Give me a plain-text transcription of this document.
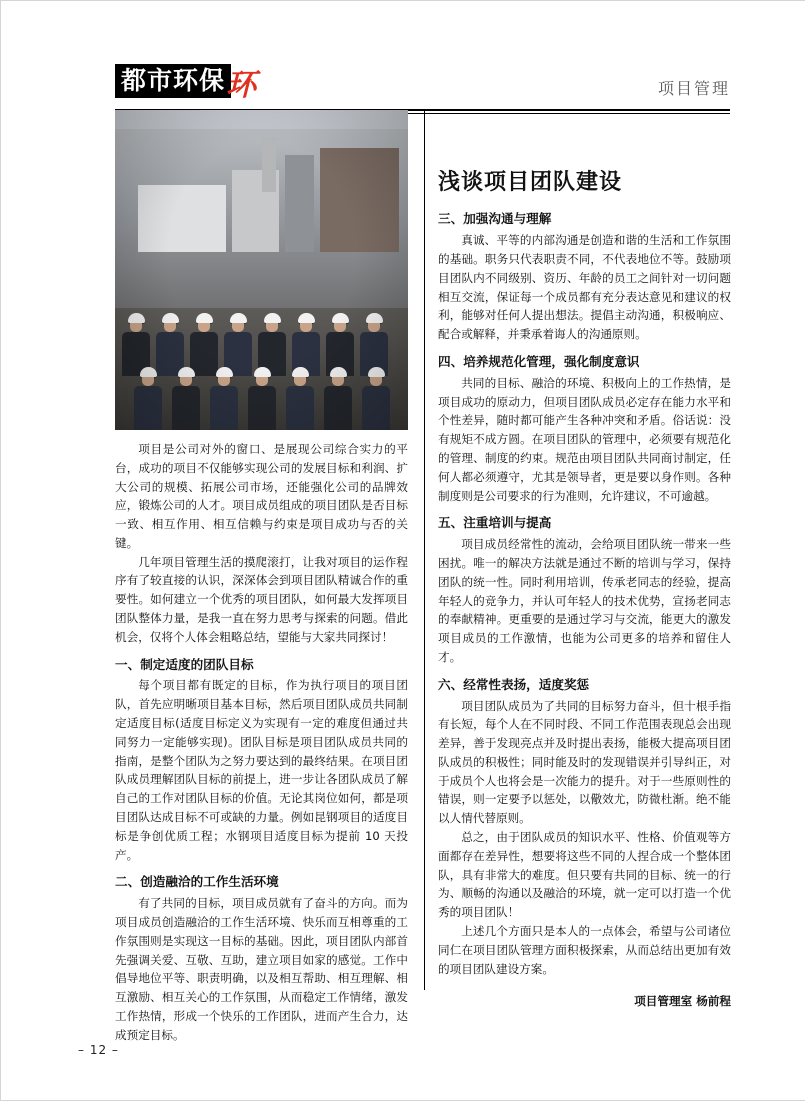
都市环保 环	项目管理

项目是公司对外的窗口、是展现公司综合实力的平台，成功的项目不仅能够实现公司的发展目标和利润、扩大公司的规模、拓展公司市场，还能强化公司的品牌效应，锻炼公司的人才。项目成员组成的项目团队是否目标一致、相互作用、相互信赖与约束是项目成功与否的关键。

几年项目管理生活的摸爬滚打，让我对项目的运作程序有了较直接的认识，深深体会到项目团队精诚合作的重要性。如何建立一个优秀的项目团队，如何最大发挥项目团队整体力量，是我一直在努力思考与探索的问题。借此机会，仅将个人体会粗略总结，望能与大家共同探讨！

一、制定适度的团队目标

每个项目都有既定的目标，作为执行项目的项目团队，首先应明晰项目基本目标，然后项目团队成员共同制定适度目标(适度目标定义为实现有一定的难度但通过共同努力一定能够实现)。团队目标是项目团队成员共同的指南，是整个团队为之努力要达到的最终结果。在项目团队成员理解团队目标的前提上，进一步让各团队成员了解自己的工作对团队目标的价值。无论其岗位如何，都是项目团队达成目标不可或缺的力量。例如昆钢项目的适度目标是争创优质工程；水钢项目适度目标为提前 10 天投产。

二、创造融洽的工作生活环境

有了共同的目标，项目成员就有了奋斗的方向。而为项目成员创造融洽的工作生活环境、快乐而互相尊重的工作氛围则是实现这一目标的基础。因此，项目团队内部首先强调关爱、互敬、互助，建立项目如家的感觉。工作中倡导地位平等、职责明确，以及相互帮助、相互理解、相互激励、相互关心的工作氛围，从而稳定工作情绪，激发工作热情，形成一个快乐的工作团队，进而产生合力，达成预定目标。

浅谈项目团队建设
三、加强沟通与理解

真诚、平等的内部沟通是创造和谐的生活和工作氛围的基础。职务只代表职责不同，不代表地位不等。鼓励项目团队内不同级别、资历、年龄的员工之间针对一切问题相互交流，保证每一个成员都有充分表达意见和建议的权利，能够对任何人提出想法。提倡主动沟通，积极响应、配合或解释，并秉承着诲人的沟通原则。

四、培养规范化管理，强化制度意识

共同的目标、融洽的环境、积极向上的工作热情，是项目成功的原动力，但项目团队成员必定存在能力水平和个性差异，随时都可能产生各种冲突和矛盾。俗话说：没有规矩不成方圆。在项目团队的管理中，必须要有规范化的管理、制度的约束。规范由项目团队共同商讨制定，任何人都必须遵守，尤其是领导者，更是要以身作则。各种制度则是公司要求的行为准则，允许建议，不可逾越。

五、注重培训与提高

项目成员经常性的流动，会给项目团队统一带来一些困扰。唯一的解决方法就是通过不断的培训与学习，保持团队的统一性。同时利用培训，传承老同志的经验，提高年轻人的竞争力，并认可年轻人的技术优势，宣扬老同志的奉献精神。更重要的是通过学习与交流，能更大的激发项目成员的工作激情，也能为公司更多的培养和留住人才。

六、经常性表扬，适度奖惩

项目团队成员为了共同的目标努力奋斗，但十根手指有长短，每个人在不同时段、不同工作范围表现总会出现差异，善于发现亮点并及时提出表扬，能极大提高项目团队成员的积极性；同时能及时的发现错误并引导纠正，对于成员个人也将会是一次能力的提升。对于一些原则性的错误，则一定要予以惩处，以儆效尤，防微杜渐。绝不能以人情代替原则。

总之，由于团队成员的知识水平、性格、价值观等方面都存在差异性，想要将这些不同的人捏合成一个整体团队，具有非常大的难度。但只要有共同的目标、统一的行为、顺畅的沟通以及融洽的环境，就一定可以打造一个优秀的项目团队！

上述几个方面只是本人的一点体会，希望与公司诸位同仁在项目团队管理方面积极探索，从而总结出更加有效的项目团队建设方案。

项目管理室 杨前程
– 12 –
